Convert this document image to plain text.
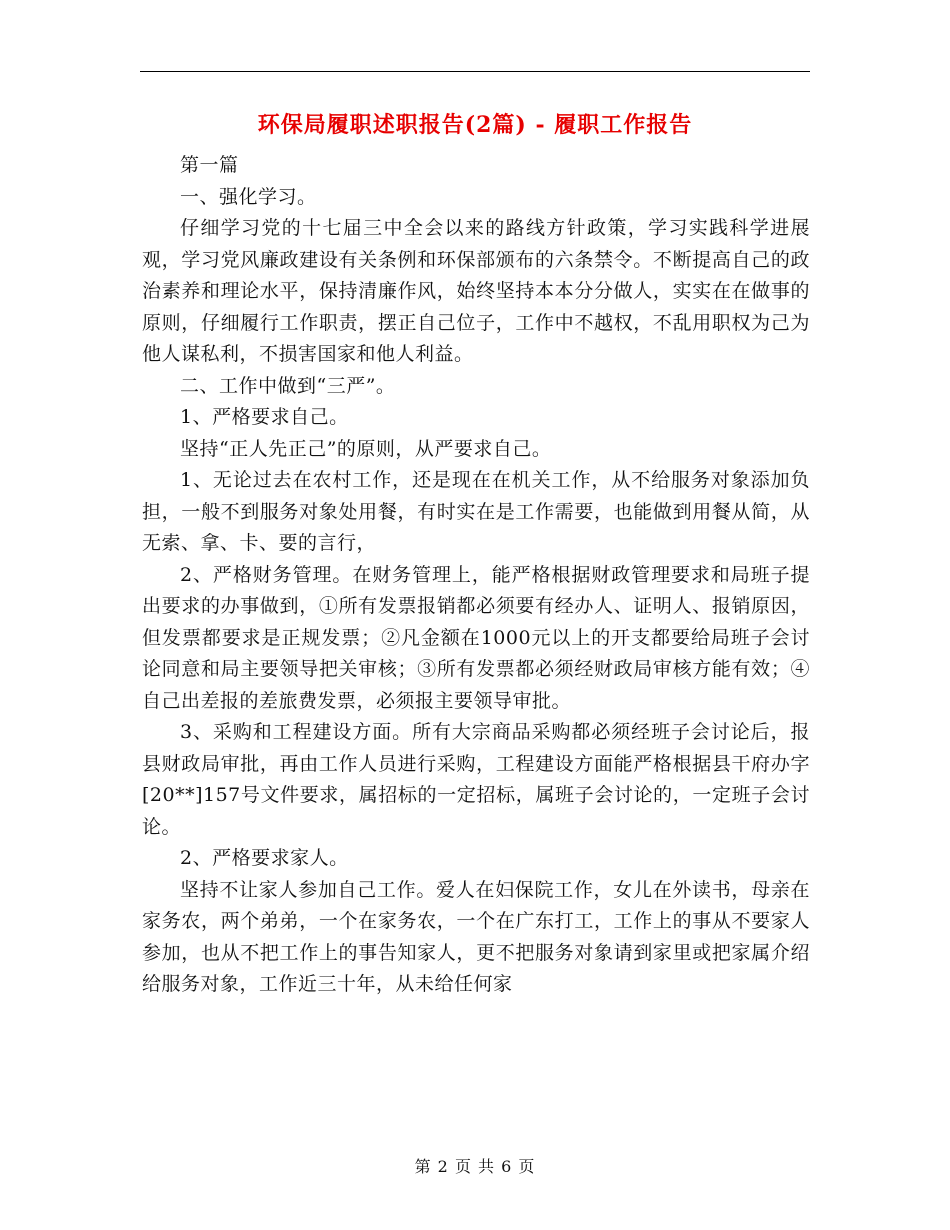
环保局履职述职报告(2篇) - 履职工作报告

第一篇

一、强化学习。

仔细学习党的十七届三中全会以来的路线方针政策，学习实践科学进展观，学习党风廉政建设有关条例和环保部颁布的六条禁令。不断提高自己的政治素养和理论水平，保持清廉作风，始终坚持本本分分做人，实实在在做事的原则，仔细履行工作职责，摆正自己位子，工作中不越权，不乱用职权为己为他人谋私利，不损害国家和他人利益。

二、工作中做到“三严”。

1、严格要求自己。

坚持“正人先正己”的原则，从严要求自己。

1、无论过去在农村工作，还是现在在机关工作，从不给服务对象添加负担，一般不到服务对象处用餐，有时实在是工作需要，也能做到用餐从简，从无索、拿、卡、要的言行，

2、严格财务管理。在财务管理上，能严格根据财政管理要求和局班子提出要求的办事做到，①所有发票报销都必须要有经办人、证明人、报销原因，但发票都要求是正规发票；②凡金额在1000元以上的开支都要给局班子会讨论同意和局主要领导把关审核；③所有发票都必须经财政局审核方能有效；④自己出差报的差旅费发票，必须报主要领导审批。

3、采购和工程建设方面。所有大宗商品采购都必须经班子会讨论后，报县财政局审批，再由工作人员进行采购，工程建设方面能严格根据县干府办字[20**]157号文件要求，属招标的一定招标，属班子会讨论的，一定班子会讨论。

2、严格要求家人。

坚持不让家人参加自己工作。爱人在妇保院工作，女儿在外读书，母亲在家务农，两个弟弟，一个在家务农，一个在广东打工，工作上的事从不要家人参加，也从不把工作上的事告知家人，更不把服务对象请到家里或把家属介绍给服务对象，工作近三十年，从未给任何家

第 2 页 共 6 页
